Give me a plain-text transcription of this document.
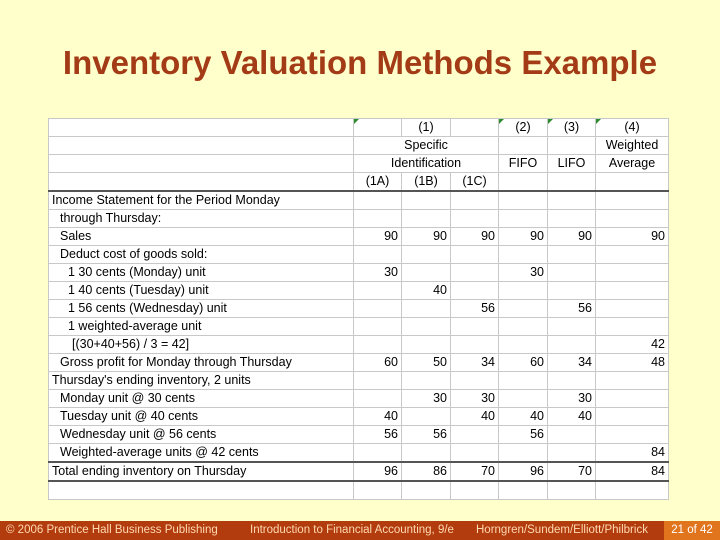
Inventory Valuation Methods Example
		(1)		(2)	(3)	(4)
	Specific					Weighted
	Identification			FIFO	LIFO	Average
	(1A)	(1B)	(1C)			
Income Statement for the Period Monday						
through Thursday:						
Sales	90	90	90	90	90	90
Deduct cost of goods sold:						
1 30 cents (Monday) unit	30			30		
1 40 cents (Tuesday) unit		40				
1 56 cents (Wednesday) unit			56		56	
1 weighted-average unit						
[(30+40+56) / 3 = 42]						42
Gross profit for Monday through Thursday	60	50	34	60	34	48
Thursday's ending inventory, 2 units						
Monday unit @ 30 cents		30	30		30	
Tuesday unit @ 40 cents	40		40	40	40	
Wednesday unit @ 56 cents	56	56		56		
Weighted-average units @ 42 cents						84
Total ending inventory on Thursday	96	86	70	96	70	84

© 2006 Prentice Hall Business Publishing	Introduction to Financial Accounting, 9/e Horngren/Sundem/Elliott/Philbrick	21 of 42
